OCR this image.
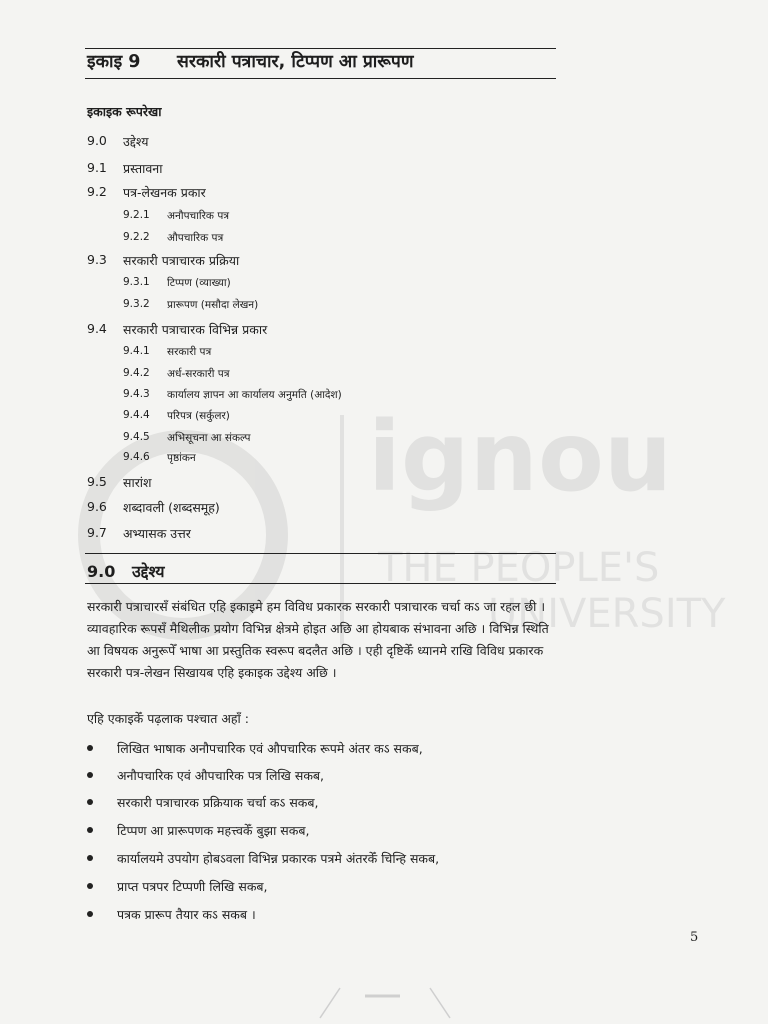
ignou
THE PEOPLE'S
UNIVERSITY
इकाइ 9 सरकारी पत्राचार, टिप्पण आ प्रारूपण
इकाइक रूपरेखा
9.0 उद्देश्य
9.1 प्रस्तावना
9.2 पत्र-लेखनक प्रकार
9.2.1 अनौपचारिक पत्र
9.2.2 औपचारिक पत्र
9.3 सरकारी पत्राचारक प्रक्रिया
9.3.1 टिप्पण (व्याख्या)
9.3.2 प्रारूपण (मसौदा लेखन)
9.4 सरकारी पत्राचारक विभिन्न प्रकार
9.4.1 सरकारी पत्र
9.4.2 अर्ध-सरकारी पत्र
9.4.3 कार्यालय ज्ञापन आ कार्यालय अनुमति (आदेश)
9.4.4 परिपत्र (सर्कुलर)
9.4.5 अभिसूचना आ संकल्प
9.4.6 पृष्ठांकन
9.5 सारांश
9.6 शब्दावली (शब्दसमूह)
9.7 अभ्यासक उत्तर
9.0 उद्देश्य
सरकारी पत्राचारसँ संबंधित एहि इकाइमे हम विविध प्रकारक सरकारी पत्राचारक चर्चा कऽ जा रहल छी । व्यावहारिक रूपसँ मैथिलीक प्रयोग विभिन्न क्षेत्रमे होइत अछि आ होयबाक संभावना अछि । विभिन्न स्थिति आ विषयक अनुरूपेँ भाषा आ प्रस्तुतिक स्वरूप बदलैत अछि । एही दृष्टिकेँ ध्यानमे राखि विविध प्रकारक सरकारी पत्र-लेखन सिखायब एहि इकाइक उद्देश्य अछि ।
एहि एकाइकेँ पढ़लाक पश्चात अहाँ :
लिखित भाषाक अनौपचारिक एवं औपचारिक रूपमे अंतर कऽ सकब,
अनौपचारिक एवं औपचारिक पत्र लिखि सकब,
सरकारी पत्राचारक प्रक्रियाक चर्चा कऽ सकब,
टिप्पण आ प्रारूपणक महत्त्वकेँ बुझा सकब,
कार्यालयमे उपयोग होबऽवला विभिन्न प्रकारक पत्रमे अंतरकेँ चिन्हि सकब,
प्राप्त पत्रपर टिप्पणी लिखि सकब,
पत्रक प्रारूप तैयार कऽ सकब ।
5
